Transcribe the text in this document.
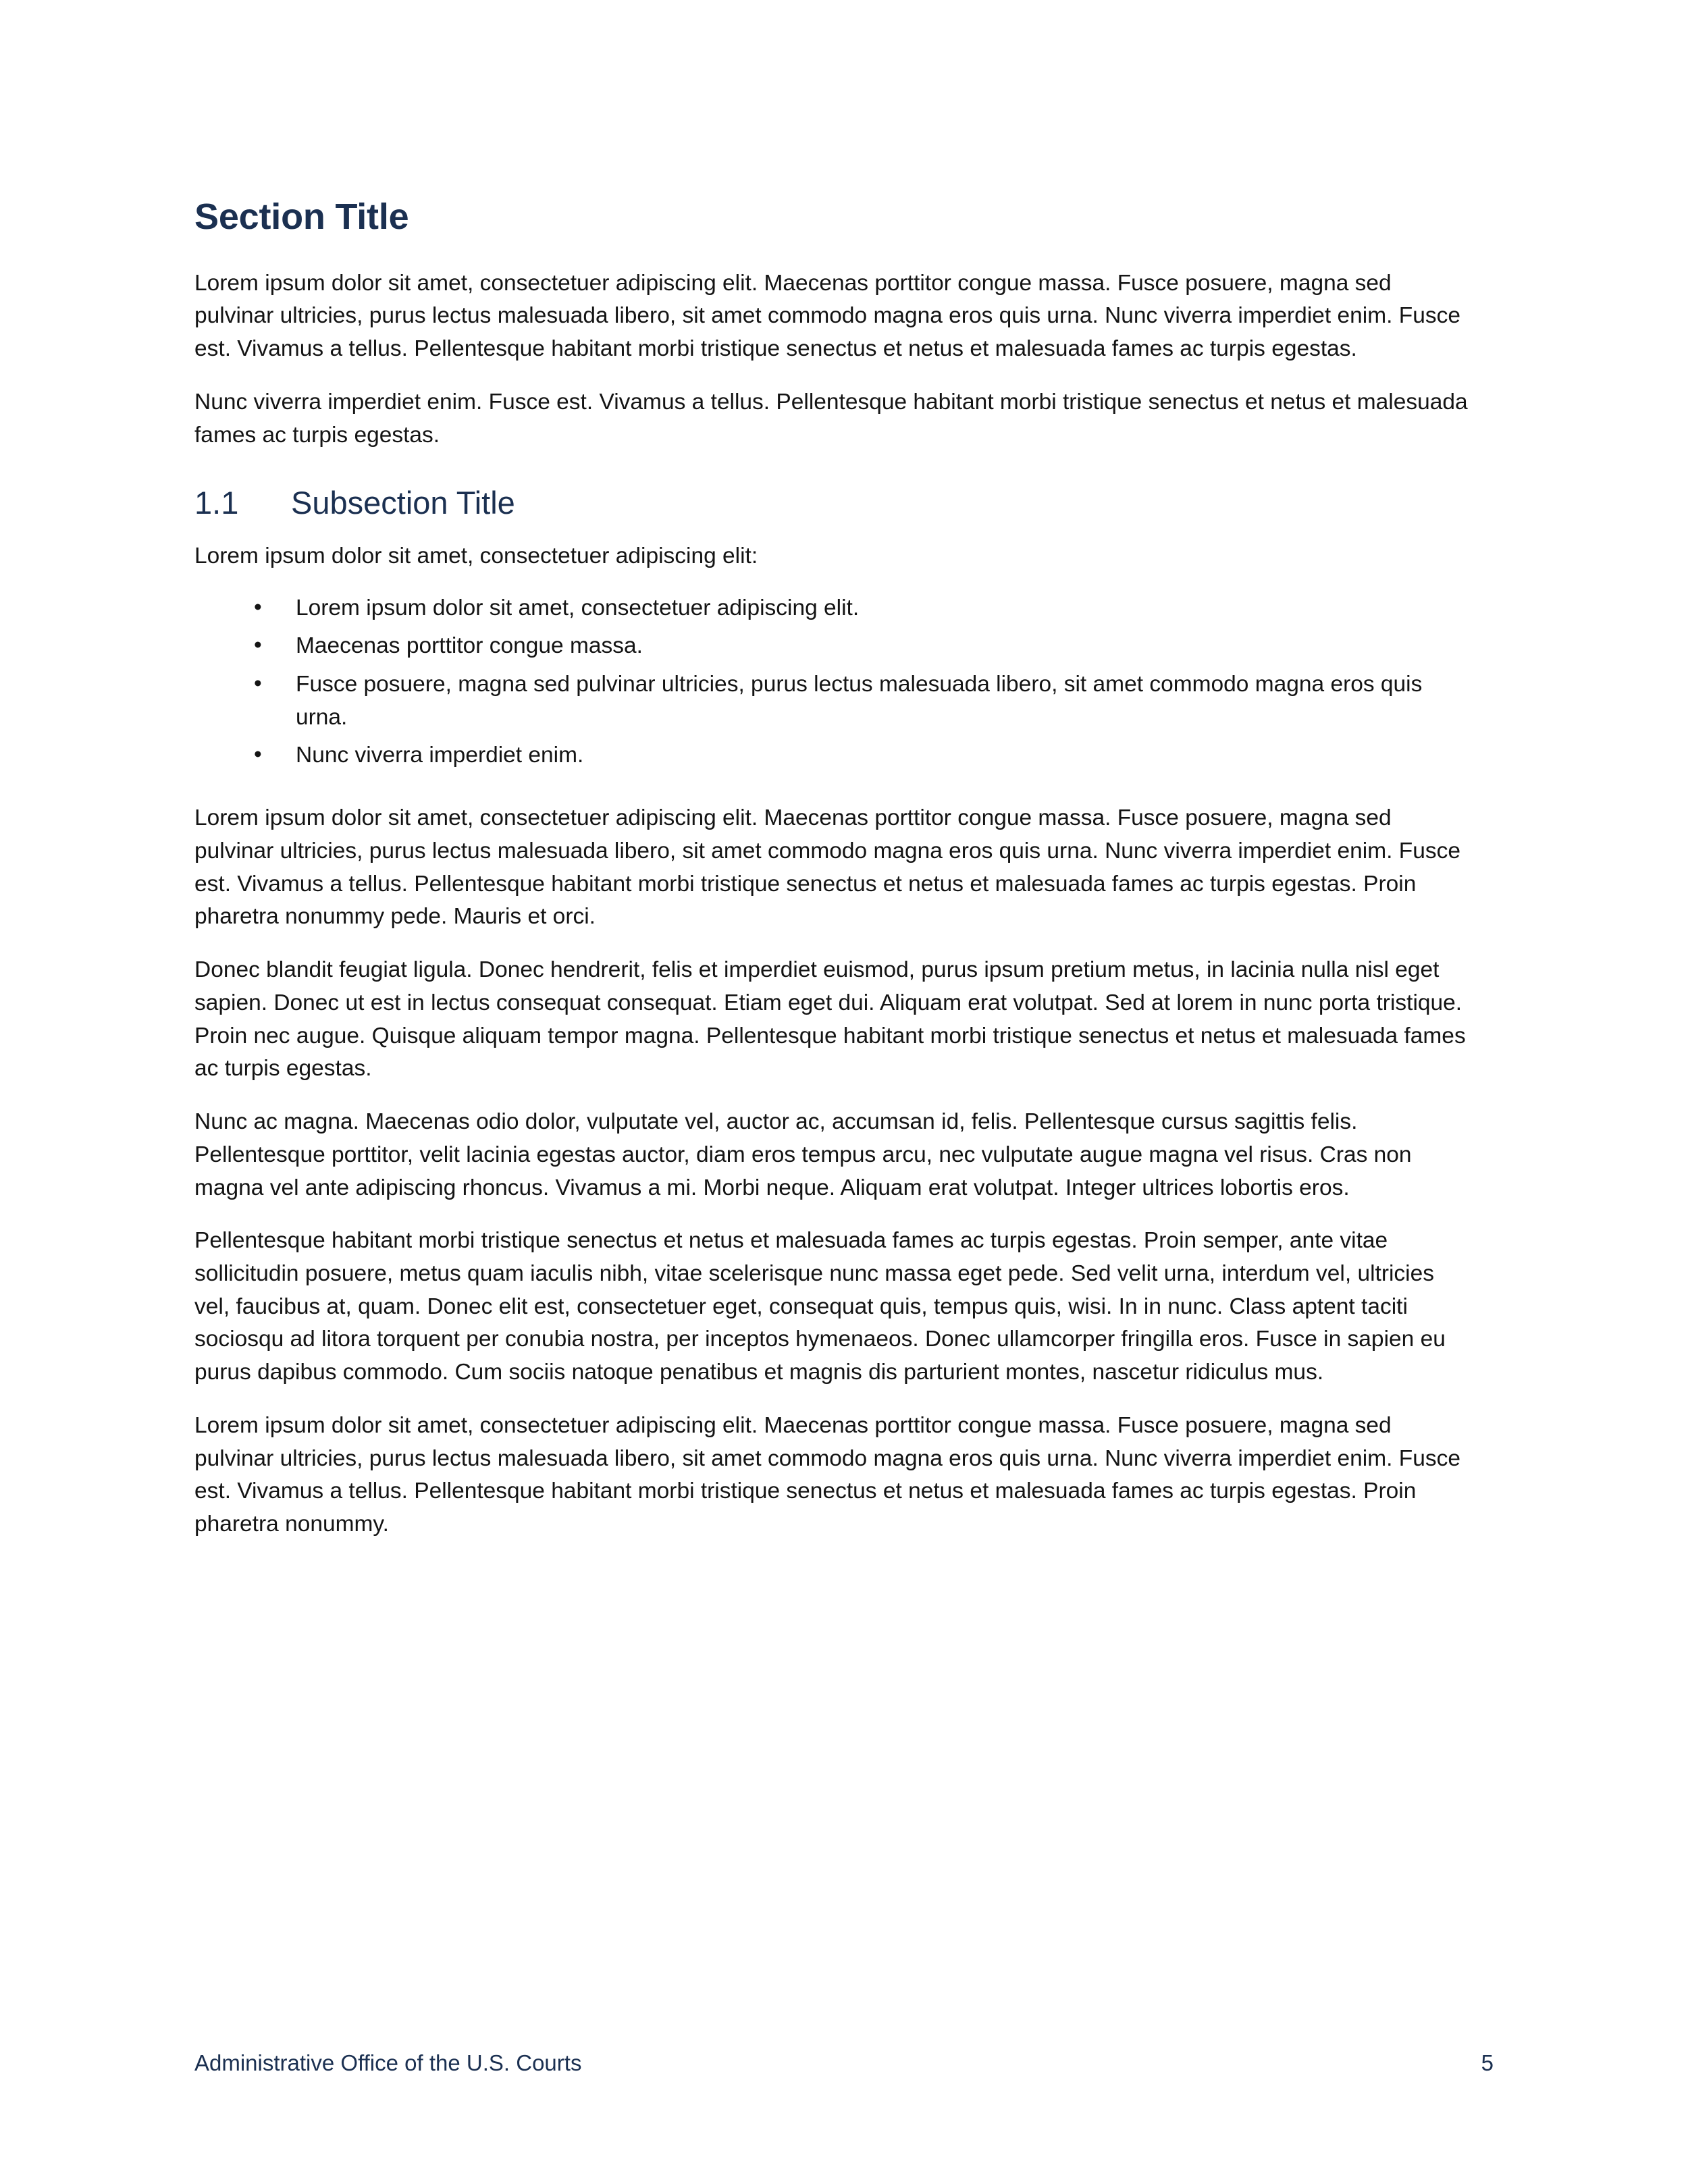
Section Title

Lorem ipsum dolor sit amet, consectetuer adipiscing elit. Maecenas porttitor congue massa. Fusce posuere, magna sed pulvinar ultricies, purus lectus malesuada libero, sit amet commodo magna eros quis urna. Nunc viverra imperdiet enim. Fusce est. Vivamus a tellus. Pellentesque habitant morbi tristique senectus et netus et malesuada fames ac turpis egestas.

Nunc viverra imperdiet enim. Fusce est. Vivamus a tellus. Pellentesque habitant morbi tristique senectus et netus et malesuada fames ac turpis egestas.

1.1	Subsection Title

Lorem ipsum dolor sit amet, consectetuer adipiscing elit:

• Lorem ipsum dolor sit amet, consectetuer adipiscing elit.
• Maecenas porttitor congue massa.
• Fusce posuere, magna sed pulvinar ultricies, purus lectus malesuada libero, sit amet commodo magna eros quis urna.
• Nunc viverra imperdiet enim.

Lorem ipsum dolor sit amet, consectetuer adipiscing elit. Maecenas porttitor congue massa. Fusce posuere, magna sed pulvinar ultricies, purus lectus malesuada libero, sit amet commodo magna eros quis urna. Nunc viverra imperdiet enim. Fusce est. Vivamus a tellus. Pellentesque habitant morbi tristique senectus et netus et malesuada fames ac turpis egestas. Proin pharetra nonummy pede. Mauris et orci.

Donec blandit feugiat ligula. Donec hendrerit, felis et imperdiet euismod, purus ipsum pretium metus, in lacinia nulla nisl eget sapien. Donec ut est in lectus consequat consequat. Etiam eget dui. Aliquam erat volutpat. Sed at lorem in nunc porta tristique. Proin nec augue. Quisque aliquam tempor magna. Pellentesque habitant morbi tristique senectus et netus et malesuada fames ac turpis egestas.

Nunc ac magna. Maecenas odio dolor, vulputate vel, auctor ac, accumsan id, felis. Pellentesque cursus sagittis felis. Pellentesque porttitor, velit lacinia egestas auctor, diam eros tempus arcu, nec vulputate augue magna vel risus. Cras non magna vel ante adipiscing rhoncus. Vivamus a mi. Morbi neque. Aliquam erat volutpat. Integer ultrices lobortis eros.

Pellentesque habitant morbi tristique senectus et netus et malesuada fames ac turpis egestas. Proin semper, ante vitae sollicitudin posuere, metus quam iaculis nibh, vitae scelerisque nunc massa eget pede. Sed velit urna, interdum vel, ultricies vel, faucibus at, quam. Donec elit est, consectetuer eget, consequat quis, tempus quis, wisi. In in nunc. Class aptent taciti sociosqu ad litora torquent per conubia nostra, per inceptos hymenaeos. Donec ullamcorper fringilla eros. Fusce in sapien eu purus dapibus commodo. Cum sociis natoque penatibus et magnis dis parturient montes, nascetur ridiculus mus.

Lorem ipsum dolor sit amet, consectetuer adipiscing elit. Maecenas porttitor congue massa. Fusce posuere, magna sed pulvinar ultricies, purus lectus malesuada libero, sit amet commodo magna eros quis urna. Nunc viverra imperdiet enim. Fusce est. Vivamus a tellus. Pellentesque habitant morbi tristique senectus et netus et malesuada fames ac turpis egestas. Proin pharetra nonummy.

Administrative Office of the U.S. Courts	5
